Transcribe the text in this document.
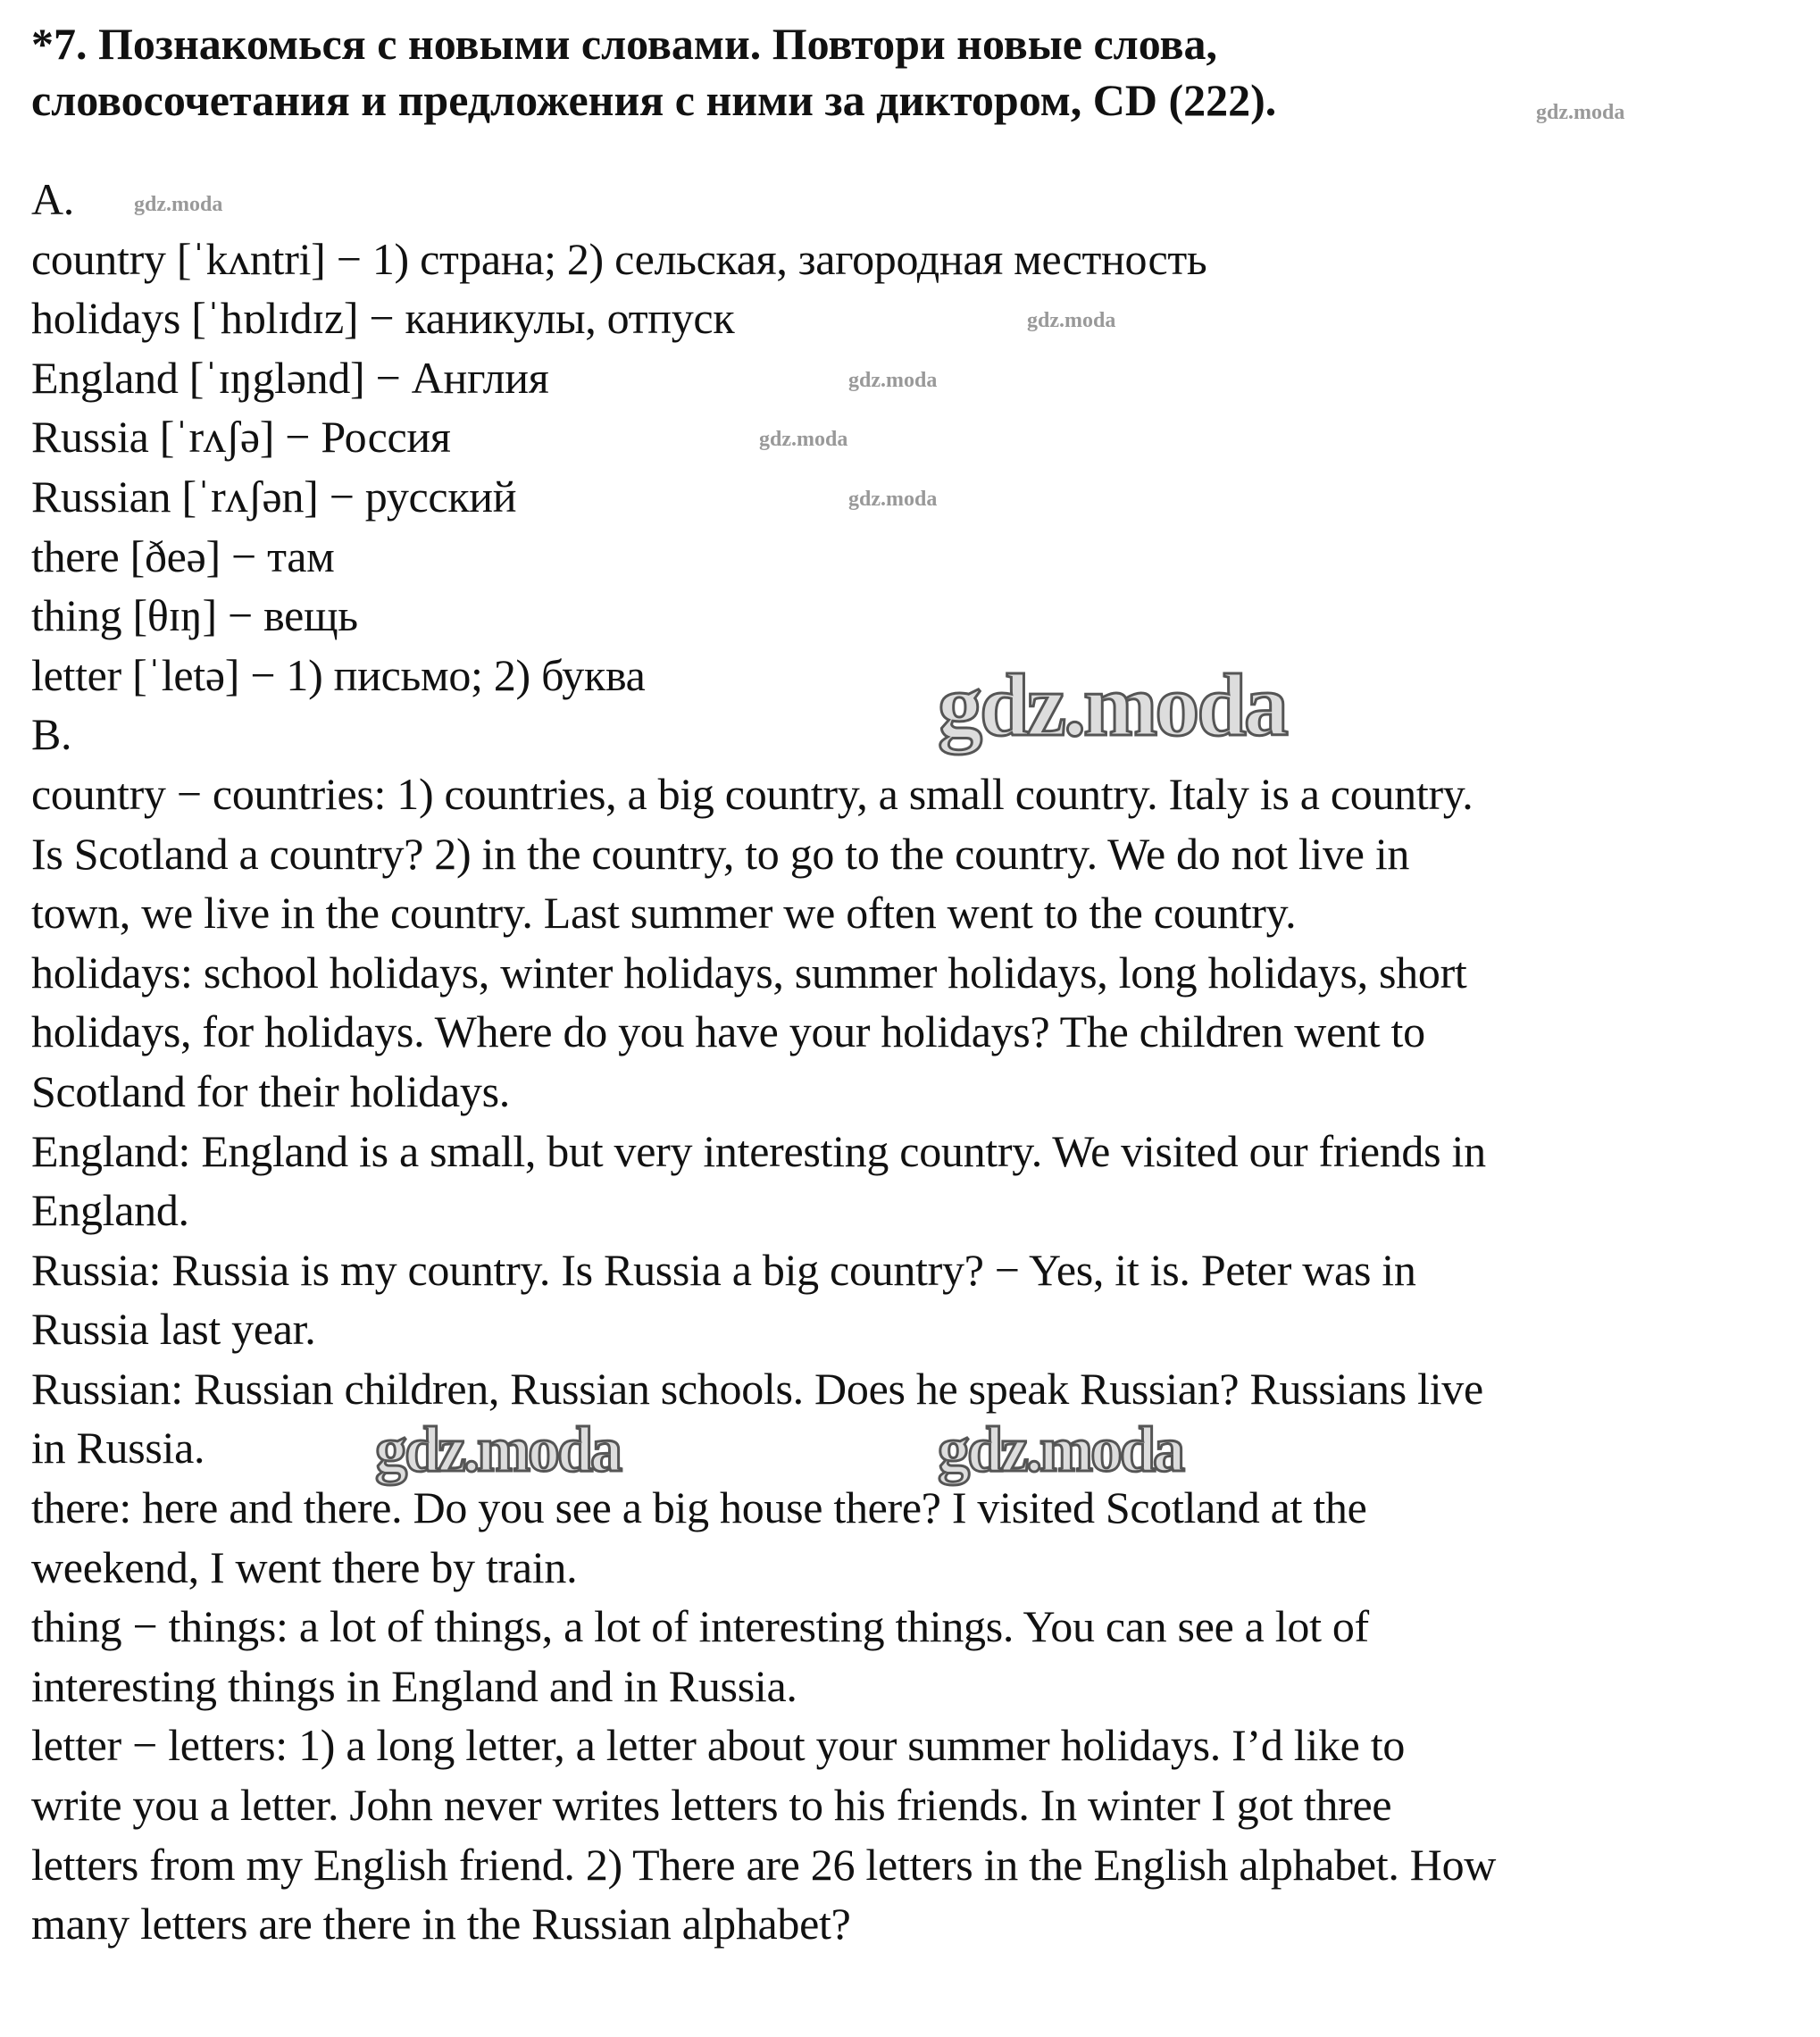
*7. Познакомься с новыми словами. Повтори новые слова,
словосочетания и предложения с ними за диктором, CD (222).
A.
country [ˈkʌntri] − 1) страна; 2) сельская, загородная местность
holidays [ˈhɒlɪdɪz] − каникулы, отпуск
England [ˈɪŋglənd] − Англия
Russia [ˈrʌʃə] − Россия
Russian [ˈrʌʃən] − русский
there [ðeə] − там
thing [θɪŋ] − вещь
letter [ˈletə] − 1) письмо; 2) буква
B.
country − countries: 1) countries, a big country, a small country. Italy is a country.
Is Scotland a country? 2) in the country, to go to the country. We do not live in
town, we live in the country. Last summer we often went to the country.
holidays: school holidays, winter holidays, summer holidays, long holidays, short
holidays, for holidays. Where do you have your holidays? The children went to
Scotland for their holidays.
England: England is a small, but very interesting country. We visited our friends in
England.
Russia: Russia is my country. Is Russia a big country? − Yes, it is. Peter was in
Russia last year.
Russian: Russian children, Russian schools. Does he speak Russian? Russians live
in Russia.
there: here and there. Do you see a big house there? I visited Scotland at the
weekend, I went there by train.
thing − things: a lot of things, a lot of interesting things. You can see a lot of
interesting things in England and in Russia.
letter − letters: 1) a long letter, a letter about your summer holidays. I’d like to
write you a letter. John never writes letters to his friends. In winter I got three
letters from my English friend. 2) There are 26 letters in the English alphabet. How
many letters are there in the Russian alphabet?
gdz.moda
gdz.moda
gdz.moda
gdz.moda
gdz.moda
gdz.moda
gdz.moda
gdz.moda	gdz.moda
